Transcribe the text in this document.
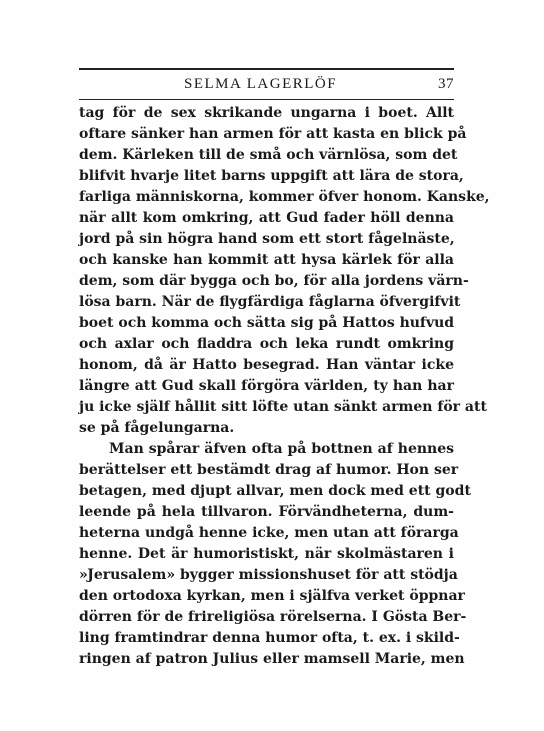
SELMA LAGERLÖF	37
tag för de sex skrikande ungarna i boet. Allt
oftare sänker han armen för att kasta en blick på
dem. Kärleken till de små och värnlösa, som det
blifvit hvarje litet barns uppgift att lära de stora,
farliga människorna, kommer öfver honom. Kanske,
när allt kom omkring, att Gud fader höll denna
jord på sin högra hand som ett stort fågelnäste,
och kanske han kommit att hysa kärlek för alla
dem, som där bygga och bo, för alla jordens värn-
lösa barn. När de flygfärdiga fåglarna öfvergifvit
boet och komma och sätta sig på Hattos hufvud
och axlar och fladdra och leka rundt omkring
honom, då är Hatto besegrad. Han väntar icke
längre att Gud skall förgöra världen, ty han har
ju icke själf hållit sitt löfte utan sänkt armen för att
se på fågelungarna.
Man spårar äfven ofta på bottnen af hennes
berättelser ett bestämdt drag af humor. Hon ser
betagen, med djupt allvar, men dock med ett godt
leende på hela tillvaron. Förvändheterna, dum-
heterna undgå henne icke, men utan att förarga
henne. Det är humoristiskt, när skolmästaren i
»Jerusalem» bygger missionshuset för att stödja
den ortodoxa kyrkan, men i själfva verket öppnar
dörren för de frireligiösa rörelserna. I Gösta Ber-
ling framtindrar denna humor ofta, t. ex. i skild-
ringen af patron Julius eller mamsell Marie, men
